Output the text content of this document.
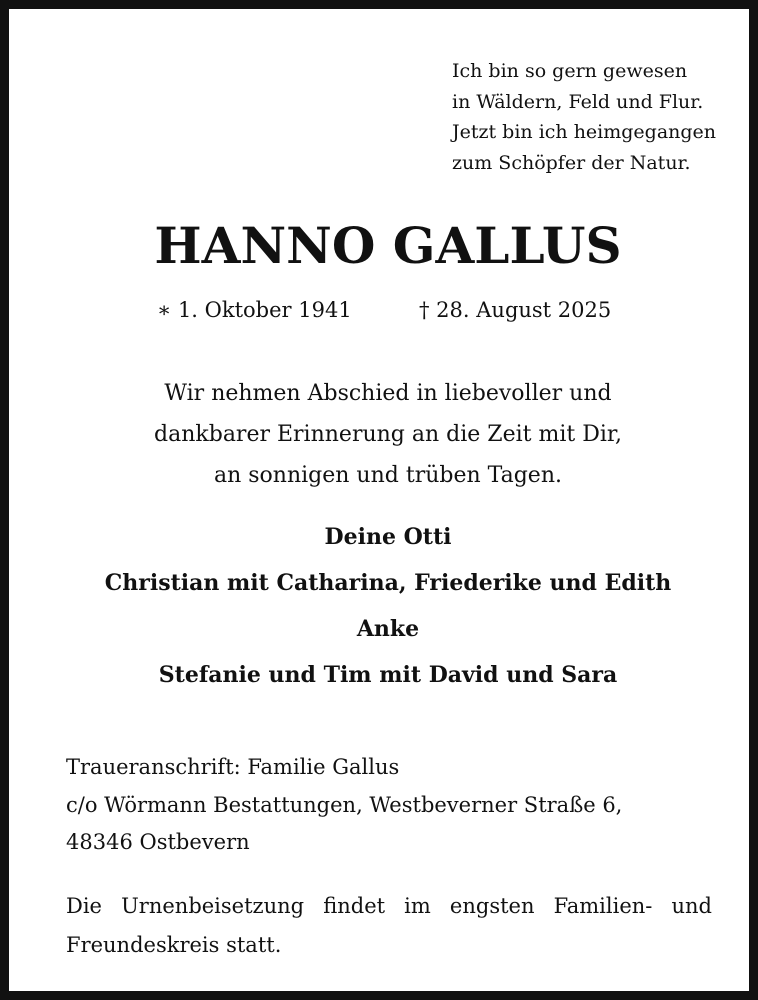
Ich bin so gern gewesen
in Wäldern, Feld und Flur.
Jetzt bin ich heimgegangen
zum Schöpfer der Natur.
HANNO GALLUS
∗ 1. Oktober 1941	† 28. August 2025
Wir nehmen Abschied in liebevoller und
dankbarer Erinnerung an die Zeit mit Dir,
an sonnigen und trüben Tagen.
Deine Otti
Christian mit Catharina, Friederike und Edith
Anke
Stefanie und Tim mit David und Sara
Traueranschrift: Familie Gallus
c/o Wörmann Bestattungen, Westbeverner Straße 6,
48346 Ostbevern
Die Urnenbeisetzung findet im engsten Familien- und
Freundeskreis statt.
